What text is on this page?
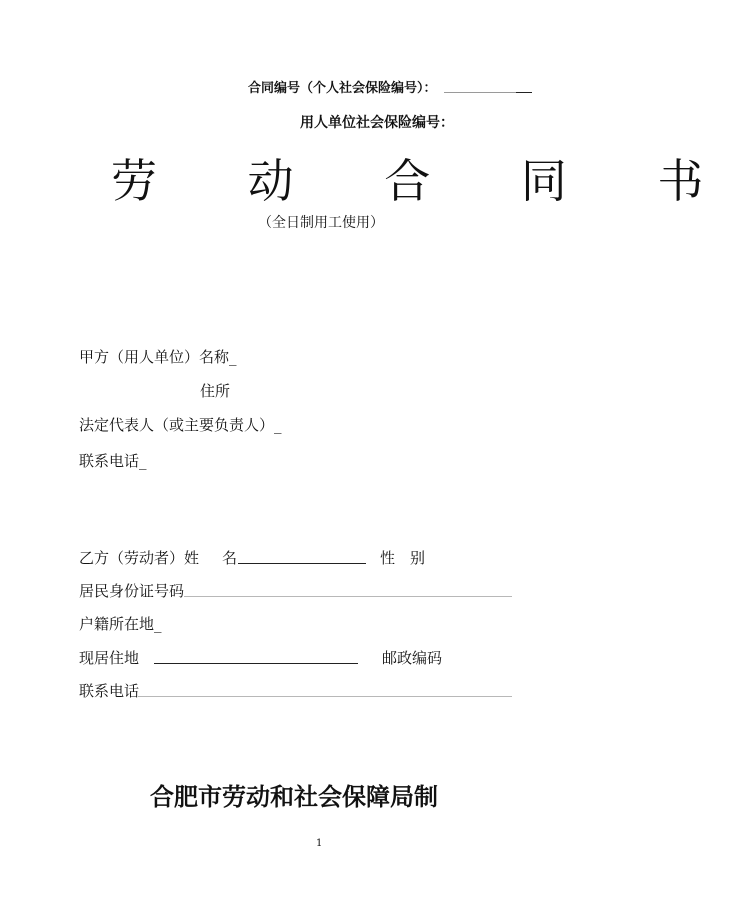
合同编号（个人社会保险编号）：
用人单位社会保险编号：
劳 动 合 同 书
（全日制用工使用）
甲方（用人单位）名称_
住所
法定代表人（或主要负责人）_
联系电话_
乙方（劳动者）姓 名	性　别
居民身份证号码
户籍所在地_
现居住地	邮政编码
联系电话
合肥市劳动和社会保障局制
1
